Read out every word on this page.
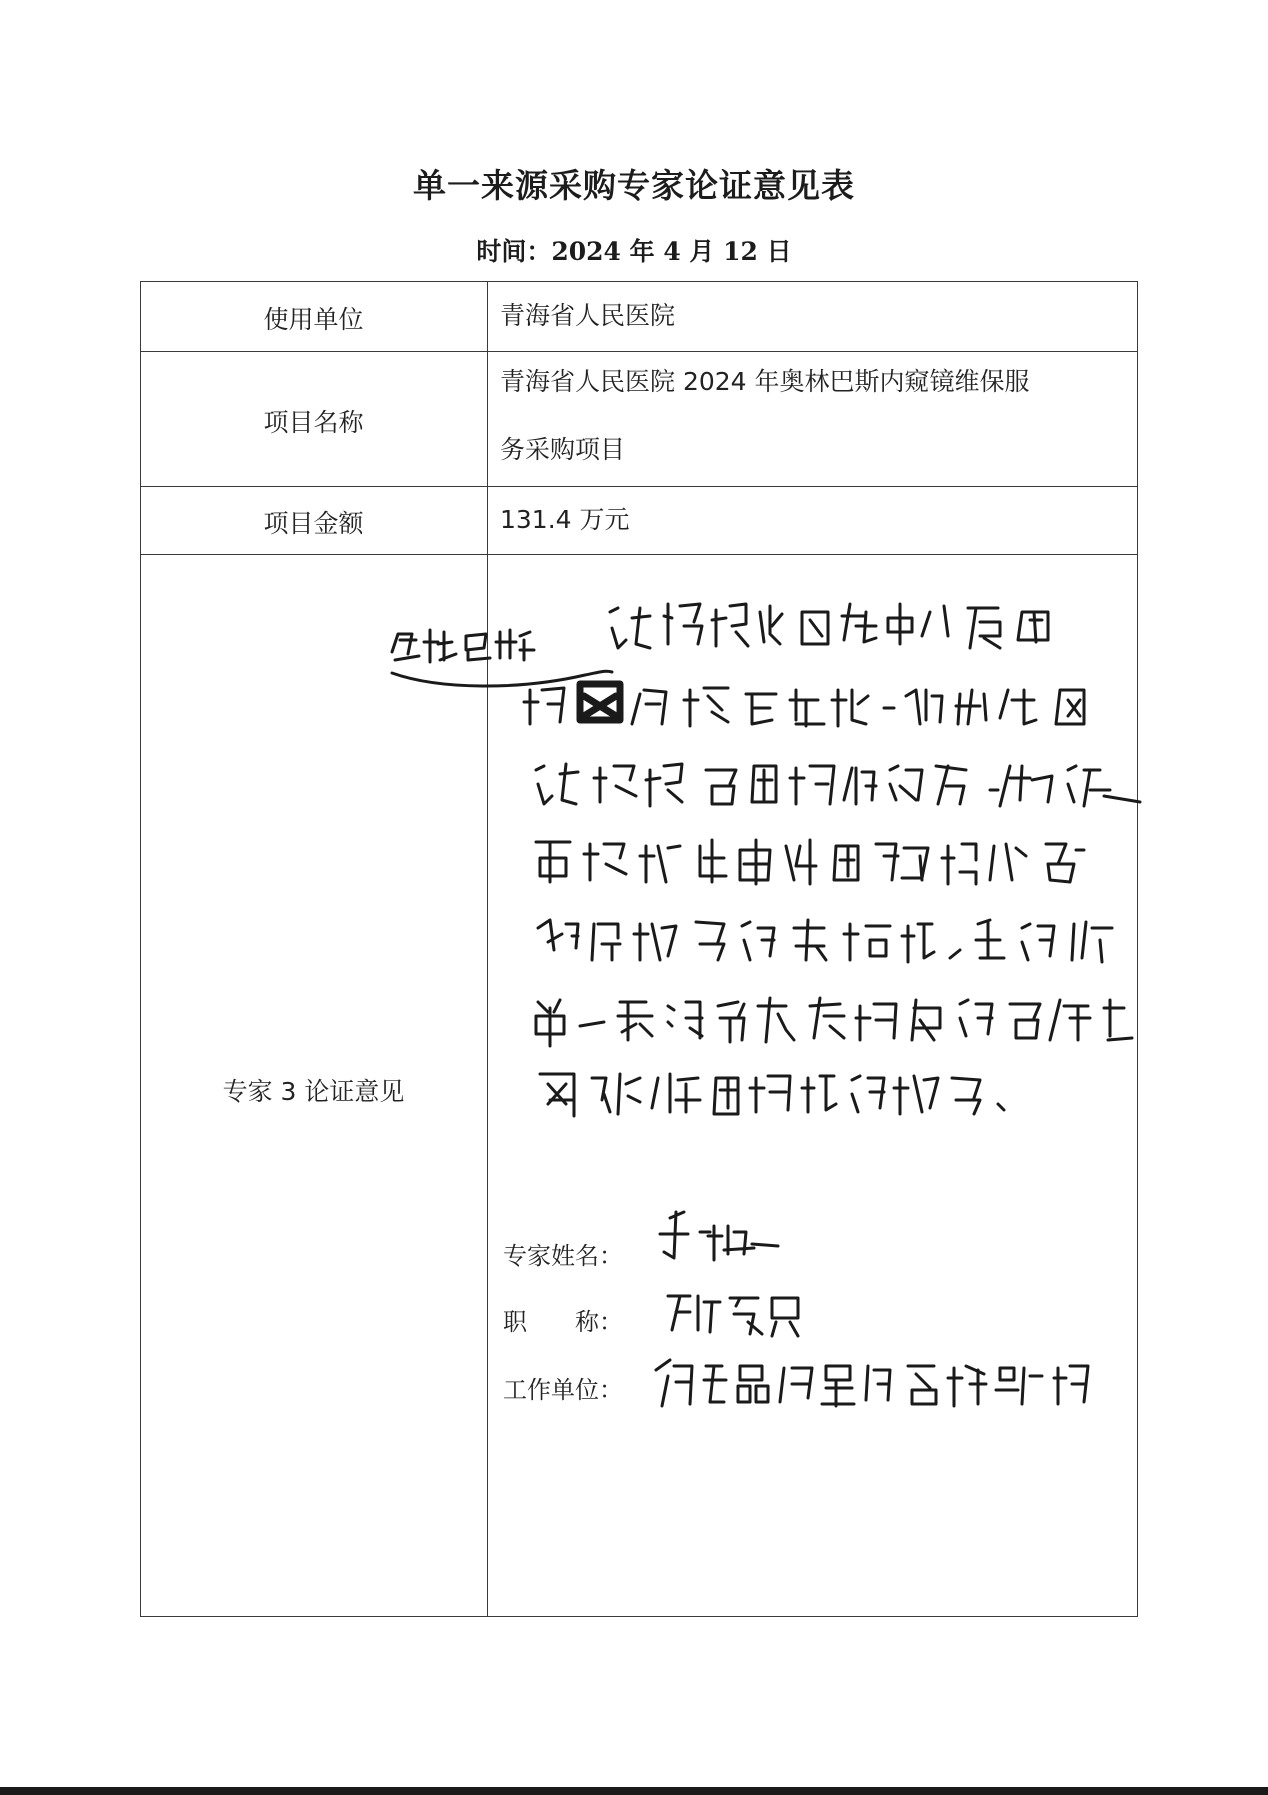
单一来源采购专家论证意见表
时间：2024 年 4 月 12 日
使用单位	青海省人民医院
项目名称
青海省人民医院 2024 年奥林巴斯内窥镜维保服
务采购项目
项目金额	131.4 万元
专家 3 论证意见
专家姓名：
职　　称：
工作单位：
